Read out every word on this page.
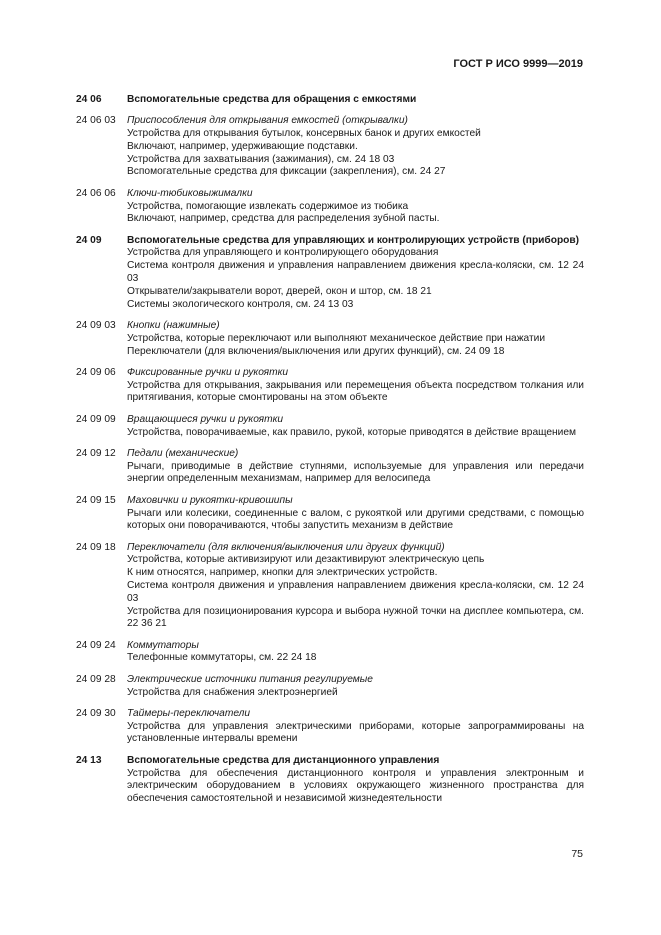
ГОСТ Р ИСО 9999—2019
24 06	Вспомогательные средства для обращения с емкостями
24 06 03	Приспособления для открывания емкостей (открывалки)
Устройства для открывания бутылок, консервных банок и других емкостей
Включают, например, удерживающие подставки.
Устройства для захватывания (зажимания), см. 24 18 03
Вспомогательные средства для фиксации (закрепления), см. 24 27
24 06 06	Ключи-тюбиковыжималки
Устройства, помогающие извлекать содержимое из тюбика
Включают, например, средства для распределения зубной пасты.
24 09	Вспомогательные средства для управляющих и контролирующих устройств (приборов)
Устройства для управляющего и контролирующего оборудования
Система контроля движения и управления направлением движения кресла-коляски, см. 12 24 03
Открыватели/закрыватели ворот, дверей, окон и штор, см. 18 21
Системы экологического контроля, см. 24 13 03
24 09 03	Кнопки (нажимные)
Устройства, которые переключают или выполняют механическое действие при нажатии
Переключатели (для включения/выключения или других функций), см. 24 09 18
24 09 06	Фиксированные ручки и рукоятки
Устройства для открывания, закрывания или перемещения объекта посредством толкания или притягивания, которые смонтированы на этом объекте
24 09 09	Вращающиеся ручки и рукоятки
Устройства, поворачиваемые, как правило, рукой, которые приводятся в действие вращением
24 09 12	Педали (механические)
Рычаги, приводимые в действие ступнями, используемые для управления или передачи энергии определенным механизмам, например для велосипеда
24 09 15	Маховички и рукоятки-кривошипы
Рычаги или колесики, соединенные с валом, с рукояткой или другими средствами, с помощью которых они поворачиваются, чтобы запустить механизм в действие
24 09 18	Переключатели (для включения/выключения или других функций)
Устройства, которые активизируют или дезактивируют электрическую цепь
К ним относятся, например, кнопки для электрических устройств.
Система контроля движения и управления направлением движения кресла-коляски, см. 12 24 03
Устройства для позиционирования курсора и выбора нужной точки на дисплее компьютера, см. 22 36 21
24 09 24	Коммутаторы
Телефонные коммутаторы, см. 22 24 18
24 09 28	Электрические источники питания регулируемые
Устройства для снабжения электроэнергией
24 09 30	Таймеры-переключатели
Устройства для управления электрическими приборами, которые запрограммированы на установленные интервалы времени
24 13	Вспомогательные средства для дистанционного управления
Устройства для обеспечения дистанционного контроля и управления электронным и электрическим оборудованием в условиях окружающего жизненного пространства для обеспечения самостоятельной и независимой жизнедеятельности
75
